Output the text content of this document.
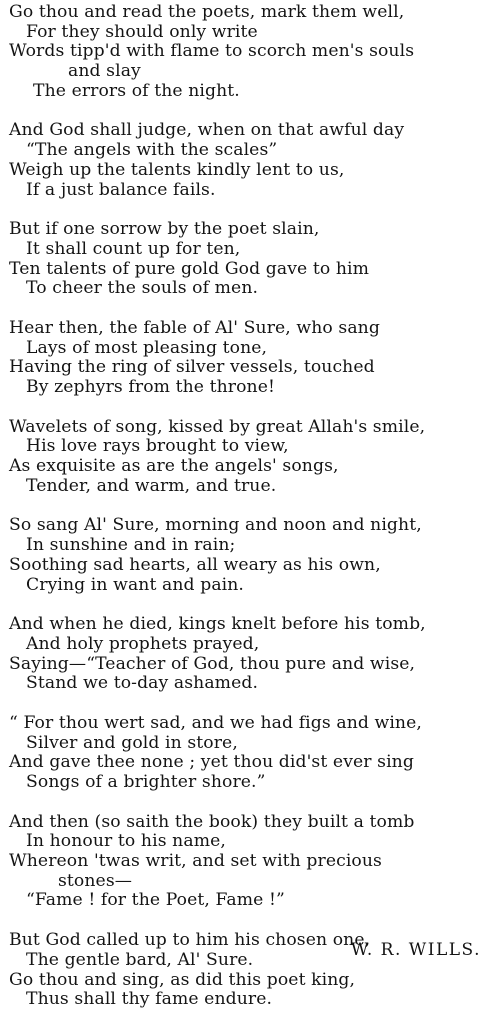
Go thou and read the poets, mark them well,
For they should only write
Words tipp'd with flame to scorch men's souls
and slay
The errors of the night.
And God shall judge, when on that awful day
“The angels with the scales”
Weigh up the talents kindly lent to us,
If a just balance fails.
But if one sorrow by the poet slain,
It shall count up for ten,
Ten talents of pure gold God gave to him
To cheer the souls of men.
Hear then, the fable of Al' Sure, who sang
Lays of most pleasing tone,
Having the ring of silver vessels, touched
By zephyrs from the throne!
Wavelets of song, kissed by great Allah's smile,
His love rays brought to view,
As exquisite as are the angels' songs,
Tender, and warm, and true.
So sang Al' Sure, morning and noon and night,
In sunshine and in rain;
Soothing sad hearts, all weary as his own,
Crying in want and pain.
And when he died, kings knelt before his tomb,
And holy prophets prayed,
Saying—“Teacher of God, thou pure and wise,
Stand we to-day ashamed.
“ For thou wert sad, and we had figs and wine,
Silver and gold in store,
And gave thee none ; yet thou did'st ever sing
Songs of a brighter shore.”
And then (so saith the book) they built a tomb
In honour to his name,
Whereon 'twas writ, and set with precious
stones—
“Fame ! for the Poet, Fame !”
But God called up to him his chosen one,
The gentle bard, Al' Sure.
Go thou and sing, as did this poet king,
Thus shall thy fame endure.
W. R. WILLS.
